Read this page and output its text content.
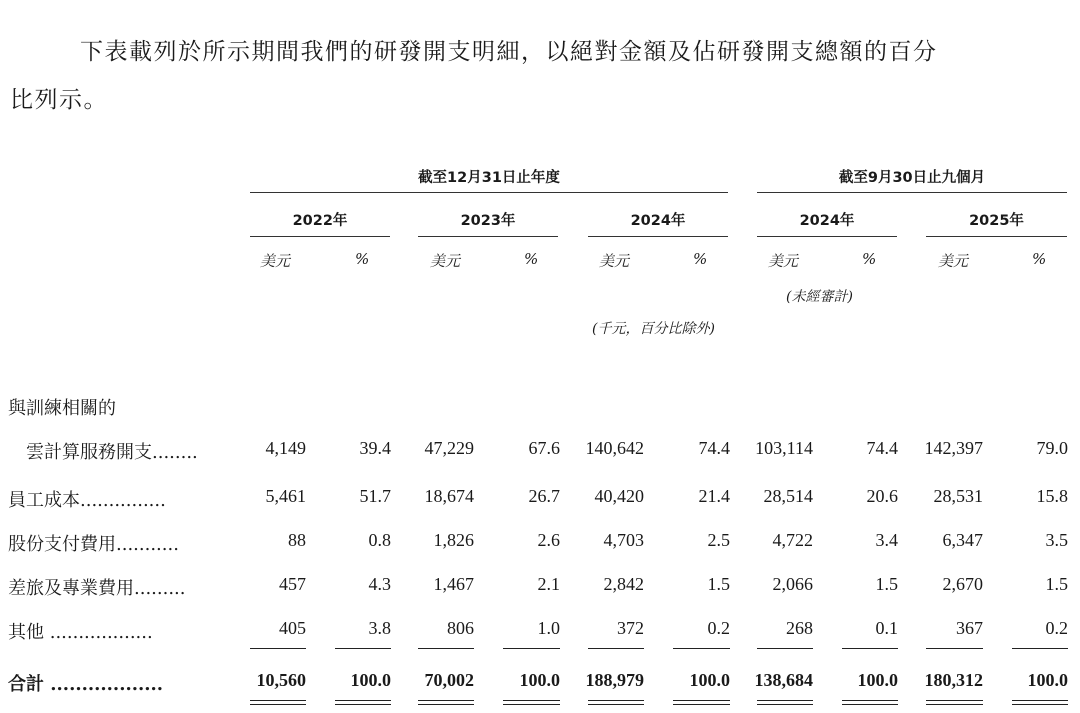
下表載列於所示期間我們的研發開支明細，以絕對金額及佔研發開支總額的百分
比列示。
截至12月31日止年度	截至9月30日止九個月
2022年	2023年	2024年	2024年	2025年
美元	%	美元	%	美元	%	美元	%	美元	%
(未經審計)
(千元，百分比除外)
與訓練相關的
雲計算服務開支........	4,149	39.4	47,229	67.6	140,642	74.4	103,114	74.4	142,397	79.0
員工成本...............	5,461	51.7	18,674	26.7	40,420	21.4	28,514	20.6	28,531	15.8
股份支付費用...........	88	0.8	1,826	2.6	4,703	2.5	4,722	3.4	6,347	3.5
差旅及專業費用.........	457	4.3	1,467	2.1	2,842	1.5	2,066	1.5	2,670	1.5
其他 ..................	405	3.8	806	1.0	372	0.2	268	0.1	367	0.2
合計 ..................	10,560	100.0	70,002	100.0	188,979	100.0	138,684	100.0	180,312	100.0
